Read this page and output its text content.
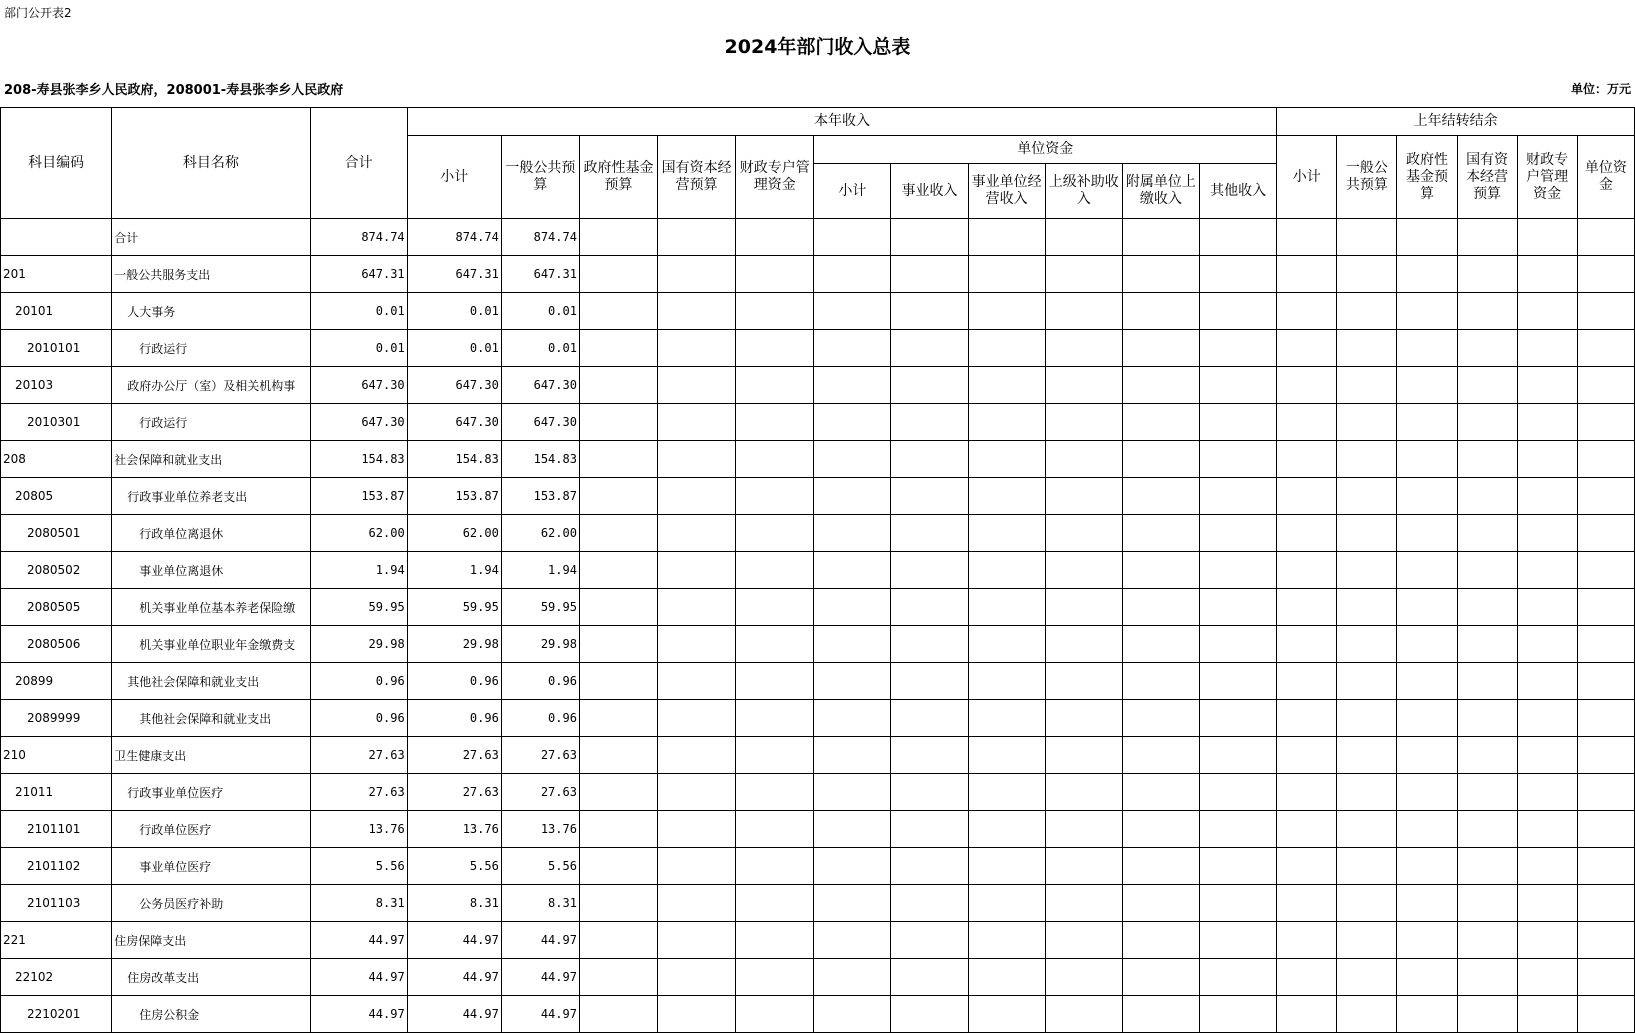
部门公开表2
2024年部门收入总表
208-寿县张李乡人民政府，208001-寿县张李乡人民政府	单位：万元
科目编码	科目名称	合计	本年收入											上年结转结余					
			小计	一般公共预算	政府性基金预算	国有资本经营预算	财政专户管理资金	单位资金						小计	一般公共预算	政府性基金预算	国有资本经营预算	财政专户管理资金	单位资金
								小计	事业收入	事业单位经营收入	上级补助收入	附属单位上缴收入	其他收入						
	合计	874.74	874.74	874.74															
201	一般公共服务支出	647.31	647.31	647.31															
20101	人大事务	0.01	0.01	0.01															
2010101	行政运行	0.01	0.01	0.01															
20103	政府办公厅（室）及相关机构事	647.30	647.30	647.30															
2010301	行政运行	647.30	647.30	647.30															
208	社会保障和就业支出	154.83	154.83	154.83															
20805	行政事业单位养老支出	153.87	153.87	153.87															
2080501	行政单位离退休	62.00	62.00	62.00															
2080502	事业单位离退休	1.94	1.94	1.94															
2080505	机关事业单位基本养老保险缴	59.95	59.95	59.95															
2080506	机关事业单位职业年金缴费支	29.98	29.98	29.98															
20899	其他社会保障和就业支出	0.96	0.96	0.96															
2089999	其他社会保障和就业支出	0.96	0.96	0.96															
210	卫生健康支出	27.63	27.63	27.63															
21011	行政事业单位医疗	27.63	27.63	27.63															
2101101	行政单位医疗	13.76	13.76	13.76															
2101102	事业单位医疗	5.56	5.56	5.56															
2101103	公务员医疗补助	8.31	8.31	8.31															
221	住房保障支出	44.97	44.97	44.97															
22102	住房改革支出	44.97	44.97	44.97															
2210201	住房公积金	44.97	44.97	44.97															
